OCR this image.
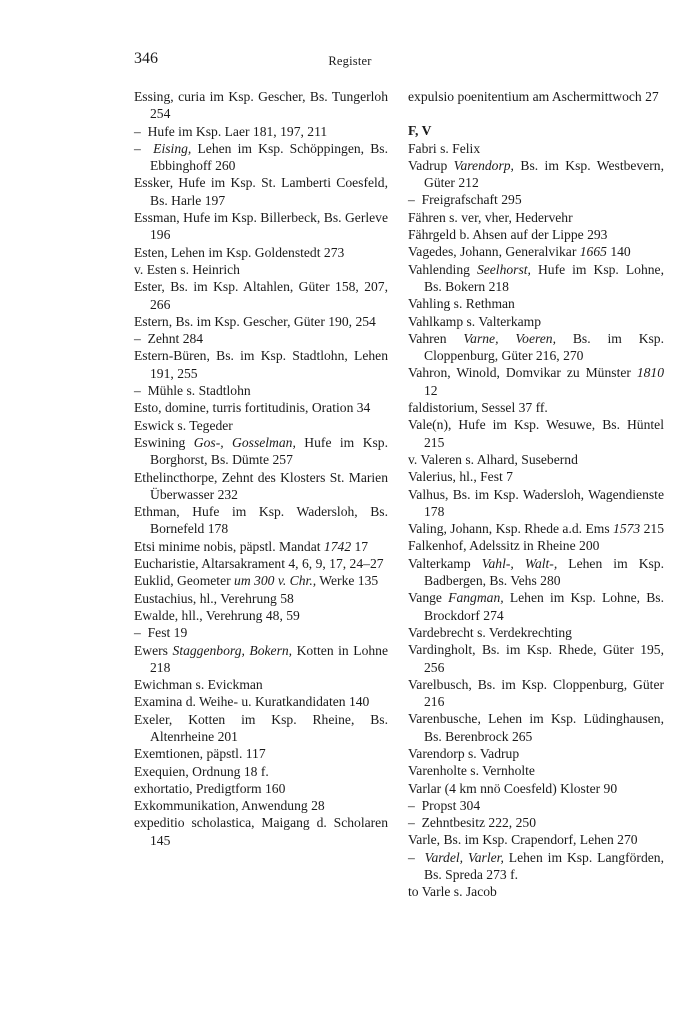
346	Register
Essing, curia im Ksp. Gescher, Bs. Tungerloh 254
–  Hufe im Ksp. Laer 181, 197, 211
–  Eising, Lehen im Ksp. Schöppingen, Bs. Ebbinghoff 260
Essker, Hufe im Ksp. St. Lamberti Coesfeld, Bs. Harle 197
Essman, Hufe im Ksp. Billerbeck, Bs. Gerleve 196
Esten, Lehen im Ksp. Goldenstedt 273
v. Esten s. Heinrich
Ester, Bs. im Ksp. Altahlen, Güter 158, 207, 266
Estern, Bs. im Ksp. Gescher, Güter 190, 254
–  Zehnt 284
Estern-Büren, Bs. im Ksp. Stadtlohn, Lehen 191, 255
–  Mühle s. Stadtlohn
Esto, domine, turris fortitudinis, Oration 34
Eswick s. Tegeder
Eswining Gos-, Gosselman, Hufe im Ksp. Borghorst, Bs. Dümte 257
Ethelincthorpe, Zehnt des Klosters St. Marien Überwasser 232
Ethman, Hufe im Ksp. Wadersloh, Bs. Bornefeld 178
Etsi minime nobis, päpstl. Mandat 1742 17
Eucharistie, Altarsakrament 4, 6, 9, 17, 24–27
Euklid, Geometer um 300 v. Chr., Werke 135
Eustachius, hl., Verehrung 58
Ewalde, hll., Verehrung 48, 59
–  Fest 19
Ewers Staggenborg, Bokern, Kotten in Lohne 218
Ewichman s. Evickman
Examina d. Weihe- u. Kuratkandidaten 140
Exeler, Kotten im Ksp. Rheine, Bs. Altenrheine 201
Exemtionen, päpstl. 117
Exequien, Ordnung 18 f.
exhortatio, Predigtform 160
Exkommunikation, Anwendung 28
expeditio scholastica, Maigang d. Scholaren 145
expulsio poenitentium am Aschermittwoch 27
F, V
Fabri s. Felix
Vadrup Varendorp, Bs. im Ksp. Westbevern, Güter 212
–  Freigrafschaft 295
Fähren s. ver, vher, Hedervehr
Fährgeld b. Ahsen auf der Lippe 293
Vagedes, Johann, Generalvikar 1665 140
Vahlending Seelhorst, Hufe im Ksp. Lohne, Bs. Bokern 218
Vahling s. Rethman
Vahlkamp s. Valterkamp
Vahren Varne, Voeren, Bs. im Ksp. Cloppenburg, Güter 216, 270
Vahron, Winold, Domvikar zu Münster 1810 12
faldistorium, Sessel 37 ff.
Vale(n), Hufe im Ksp. Wesuwe, Bs. Hüntel 215
v. Valeren s. Alhard, Susebernd
Valerius, hl., Fest 7
Valhus, Bs. im Ksp. Wadersloh, Wagendienste 178
Valing, Johann, Ksp. Rhede a.d. Ems 1573 215
Falkenhof, Adelssitz in Rheine 200
Valterkamp Vahl-, Walt-, Lehen im Ksp. Badbergen, Bs. Vehs 280
Vange Fangman, Lehen im Ksp. Lohne, Bs. Brockdorf 274
Vardebrecht s. Verdekrechting
Vardingholt, Bs. im Ksp. Rhede, Güter 195, 256
Varelbusch, Bs. im Ksp. Cloppenburg, Güter 216
Varenbusche, Lehen im Ksp. Lüdinghausen, Bs. Berenbrock 265
Varendorp s. Vadrup
Varenholte s. Vernholte
Varlar (4 km nnö Coesfeld) Kloster 90
–  Propst 304
–  Zehntbesitz 222, 250
Varle, Bs. im Ksp. Crapendorf, Lehen 270
–  Vardel, Varler, Lehen im Ksp. Langförden, Bs. Spreda 273 f.
to Varle s. Jacob
